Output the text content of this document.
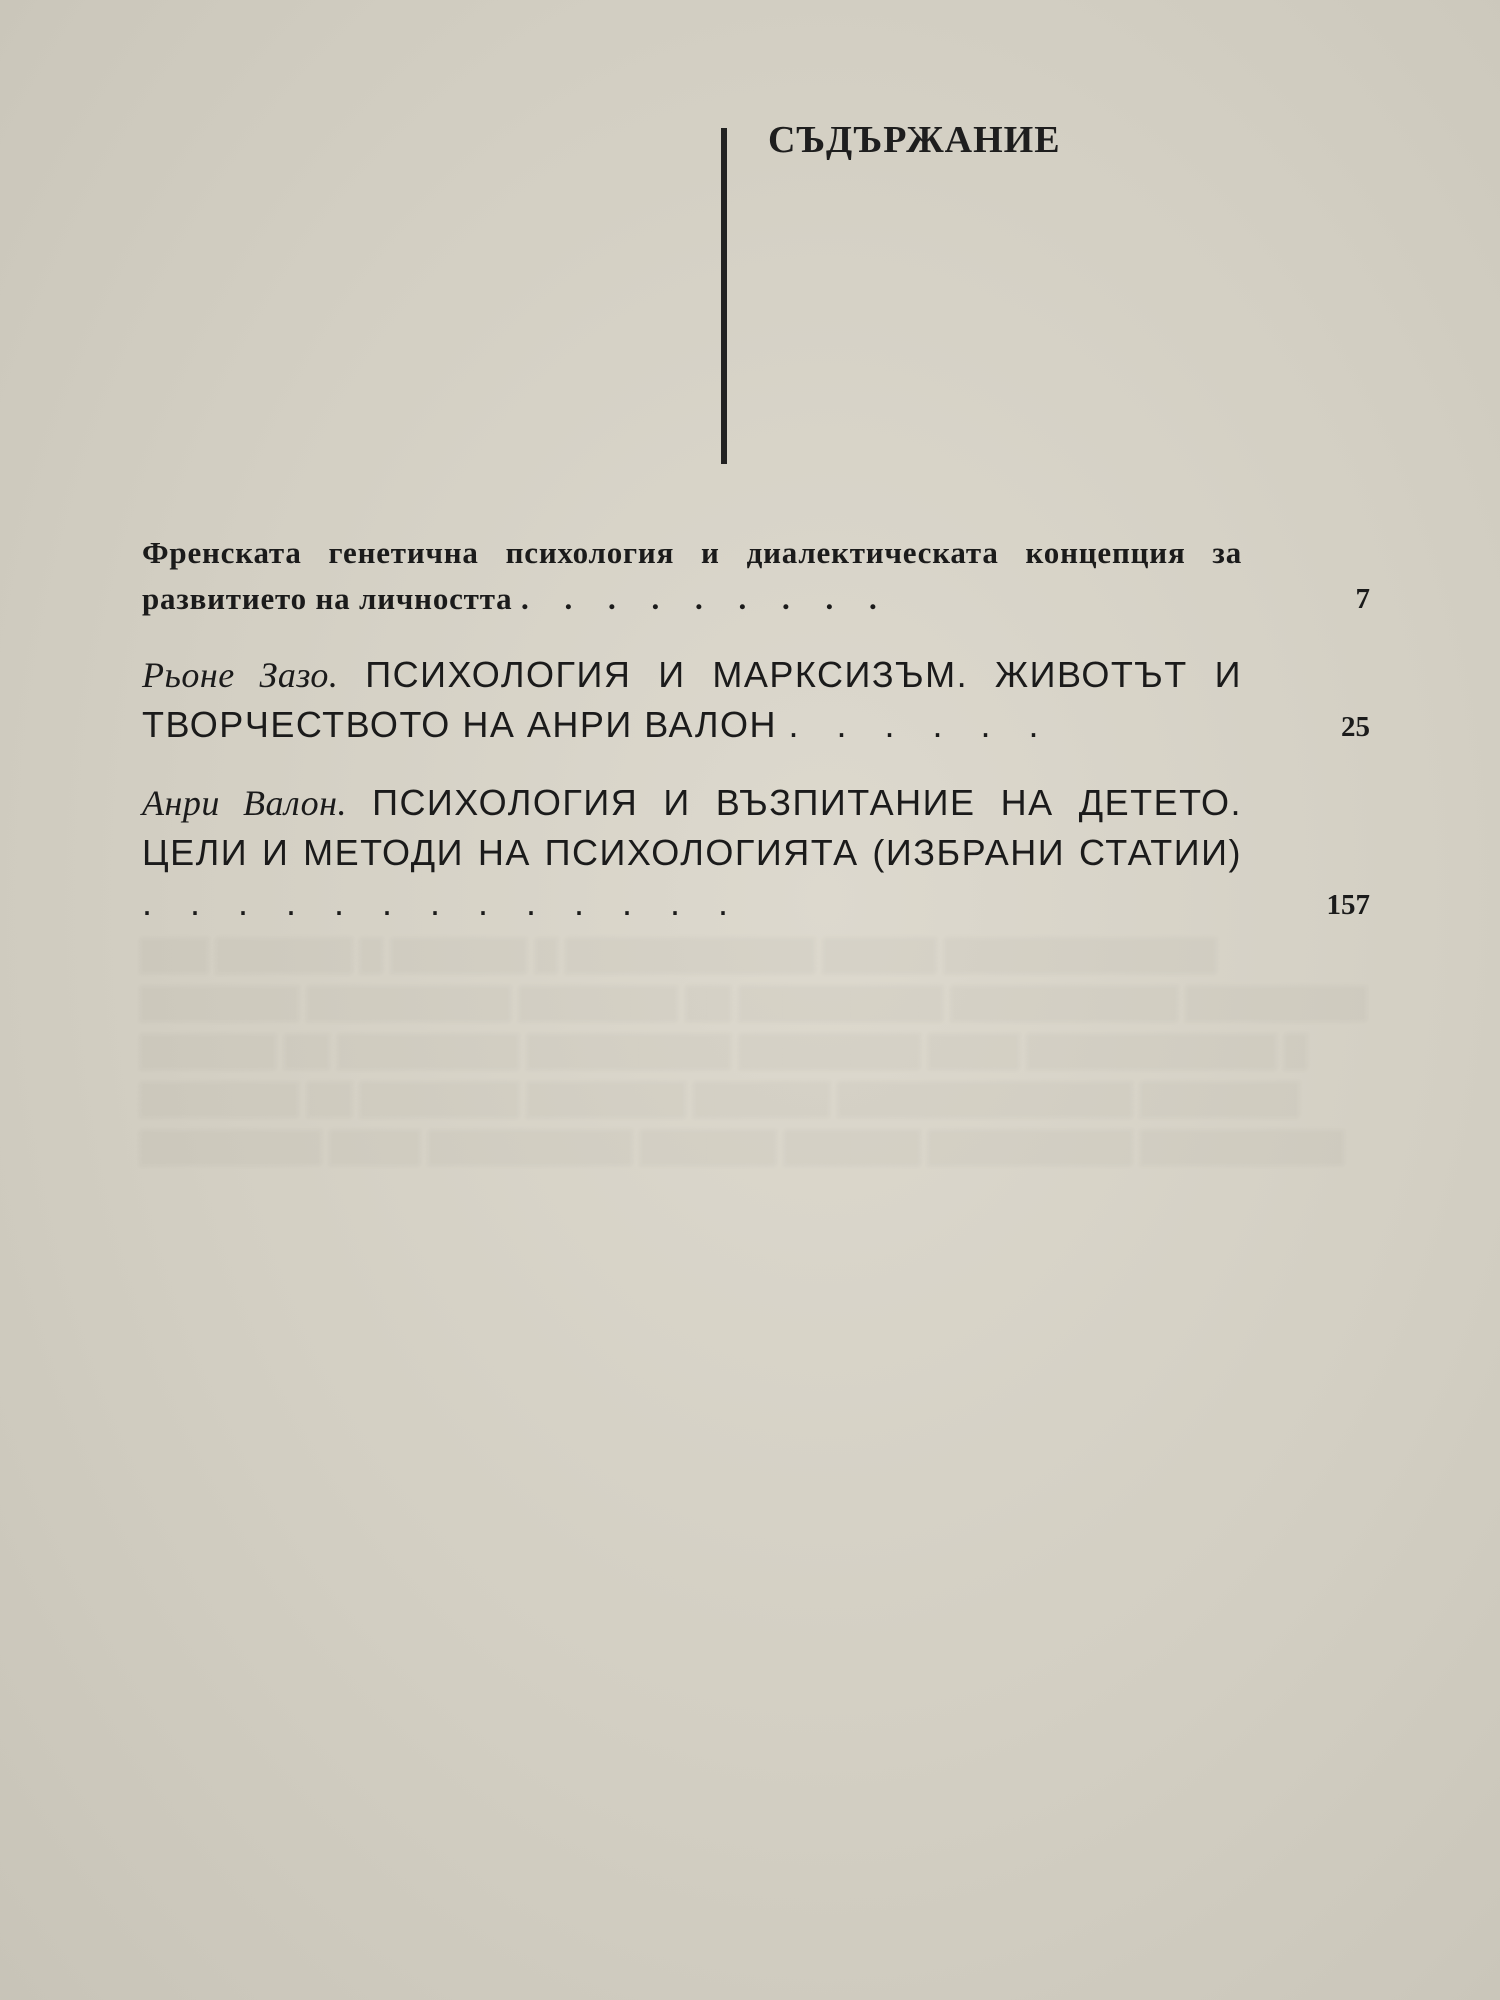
▒▒▒ ▒▒▒▒▒▒ ▒ ▒▒▒▒▒▒ ▒ ▒▒▒▒▒▒▒▒▒▒▒ ▒▒▒▒▒ ▒▒▒▒▒▒▒▒▒▒▒▒ ▒▒▒▒▒▒▒ ▒▒▒▒▒▒▒▒▒ ▒▒▒▒▒▒▒ ▒▒ ▒▒▒▒▒▒▒▒▒ ▒▒▒▒▒▒▒▒▒▒ ▒▒▒▒▒▒▒▒ ▒▒▒▒▒▒ ▒▒ ▒▒▒▒▒▒▒▒ ▒▒▒▒▒▒▒▒▒ ▒▒▒▒▒▒▒▒ ▒▒▒▒ ▒▒▒▒▒▒▒▒▒▒▒ ▒ ▒▒▒▒▒▒▒ ▒▒ ▒▒▒▒▒▒▒ ▒▒▒▒▒▒▒ ▒▒▒▒▒▒ ▒▒▒▒▒▒▒▒▒▒▒▒▒ ▒▒▒▒▒▒▒ ▒▒▒▒▒▒▒▒ ▒▒▒▒ ▒▒▒▒▒▒▒▒▒ ▒▒▒▒▒▒ ▒▒▒▒▒▒ ▒▒▒▒▒▒▒▒▒ ▒▒▒▒▒▒▒▒▒
СЪДЪРЖАНИЕ
Френската генетична психология и диалектическата концепция за развитието на личността . . . . . . . . .	7
Рьоне Зазо. ПСИХОЛОГИЯ И МАРКСИЗЪМ. ЖИВОТЪТ И ТВОРЧЕСТВОТО НА АНРИ ВАЛОН . . . . . .	25
Анри Валон. ПСИХОЛОГИЯ И ВЪЗПИТАНИЕ НА ДЕТЕТО. ЦЕЛИ И МЕТОДИ НА ПСИХОЛОГИЯТА (ИЗБРАНИ СТАТИИ) . . . . . . . . . . . . .	157
